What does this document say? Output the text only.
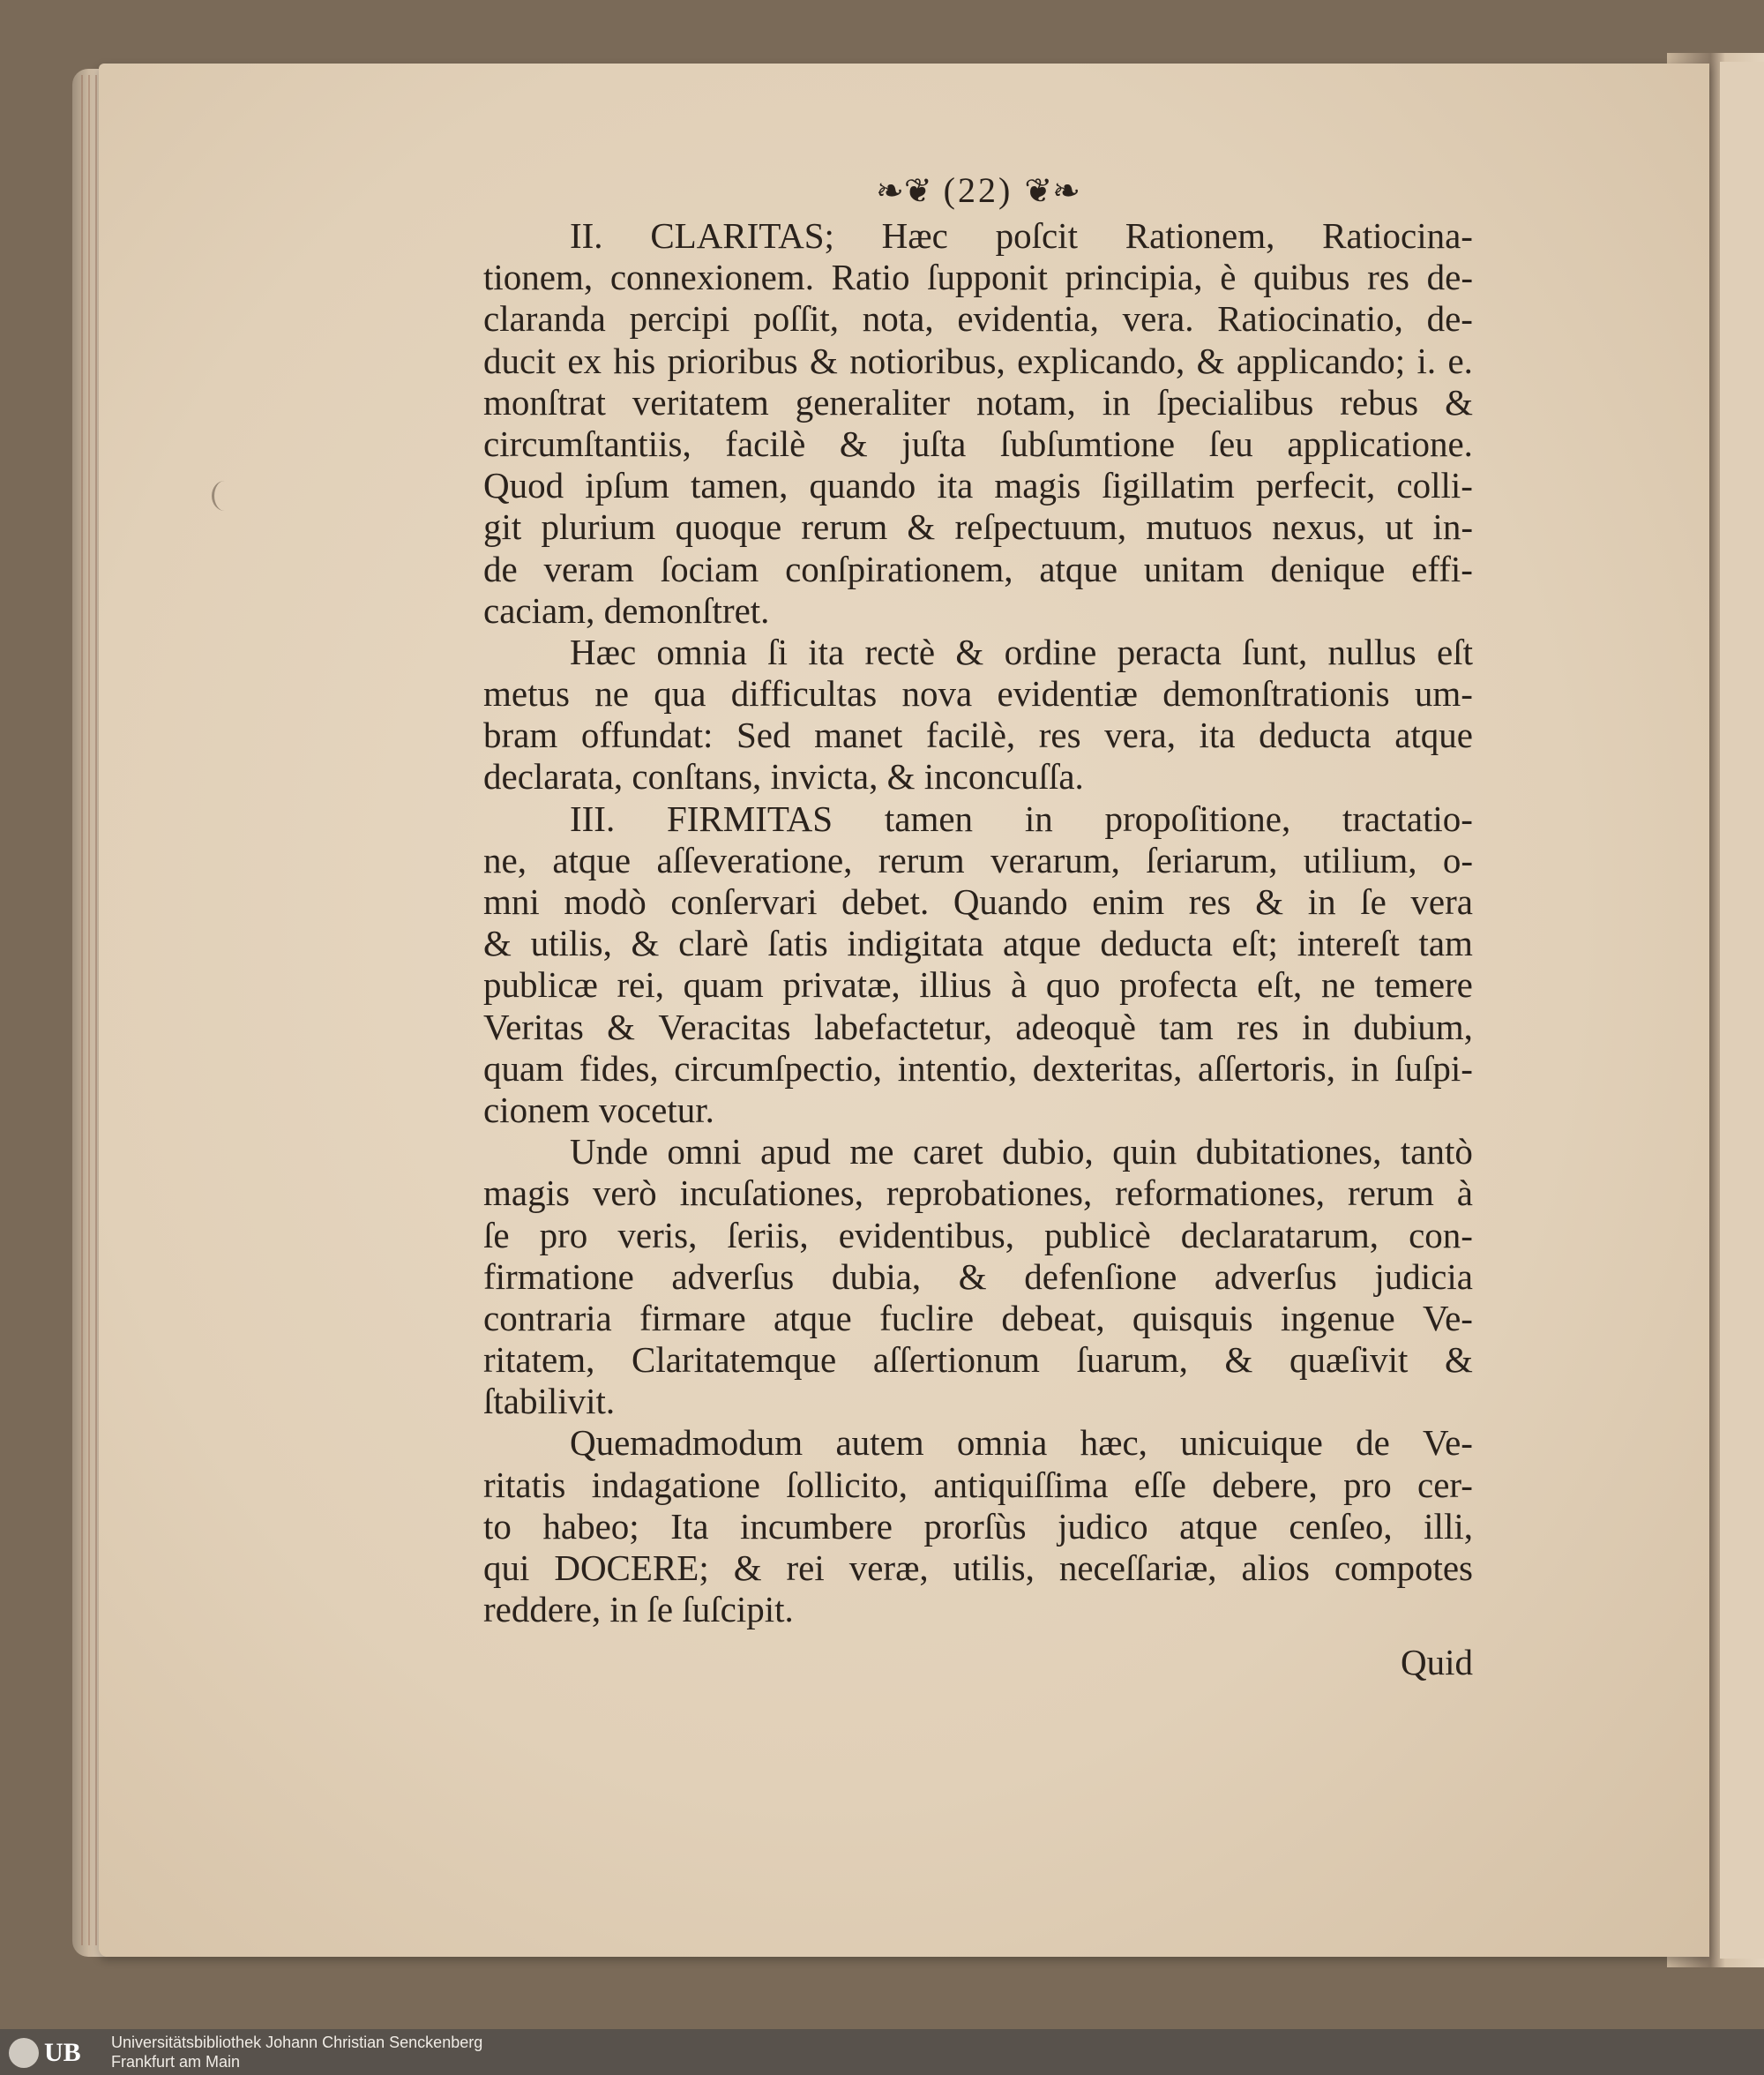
❧❦ (22) ❦❧
II. CLARITAS; Hæc poſcit Rationem, Ratiocina-
tionem, connexionem. Ratio ſupponit principia, è quibus res de-
claranda percipi poſſit, nota, evidentia, vera. Ratiocinatio, de-
ducit ex his prioribus & notioribus, explicando, & applicando; i. e.
monſtrat veritatem generaliter notam, in ſpecialibus rebus &
circumſtantiis, facilè & juſta ſubſumtione ſeu applicatione.
Quod ipſum tamen, quando ita magis ſigillatim perfecit, colli-
git plurium quoque rerum & reſpectuum, mutuos nexus, ut in-
de veram ſociam conſpirationem, atque unitam denique effi-
caciam, demonſtret.
Hæc omnia ſi ita rectè & ordine peracta ſunt, nullus eſt
metus ne qua difficultas nova evidentiæ demonſtrationis um-
bram offundat: Sed manet facilè, res vera, ita deducta atque
declarata, conſtans, invicta, & inconcuſſa.
III. FIRMITAS tamen in propoſitione, tractatio-
ne, atque aſſeveratione, rerum verarum, ſeriarum, utilium, o-
mni modò conſervari debet. Quando enim res & in ſe vera
& utilis, & clarè ſatis indigitata atque deducta eſt; intereſt tam
publicæ rei, quam privatæ, illius à quo profecta eſt, ne temere
Veritas & Veracitas labefactetur, adeoquè tam res in dubium,
quam fides, circumſpectio, intentio, dexteritas, aſſertoris, in ſuſpi-
cionem vocetur.
Unde omni apud me caret dubio, quin dubitationes, tantò
magis verò incuſationes, reprobationes, reformationes, rerum à
ſe pro veris, ſeriis, evidentibus, publicè declaratarum, con-
firmatione adverſus dubia, & defenſione adverſus judicia
contraria firmare atque fuclire debeat, quisquis ingenue Ve-
ritatem, Claritatemque aſſertionum ſuarum, & quæſivit &
ſtabilivit.
Quemadmodum autem omnia hæc, unicuique de Ve-
ritatis indagatione ſollicito, antiquiſſima eſſe debere, pro cer-
to habeo; Ita incumbere prorſùs judico atque cenſeo, illi,
qui DOCERE; & rei veræ, utilis, neceſſariæ, alios compotes
reddere, in ſe ſuſcipit.
Quid
UB Universitätsbibliothek Johann Christian Senckenberg
Frankfurt am Main
